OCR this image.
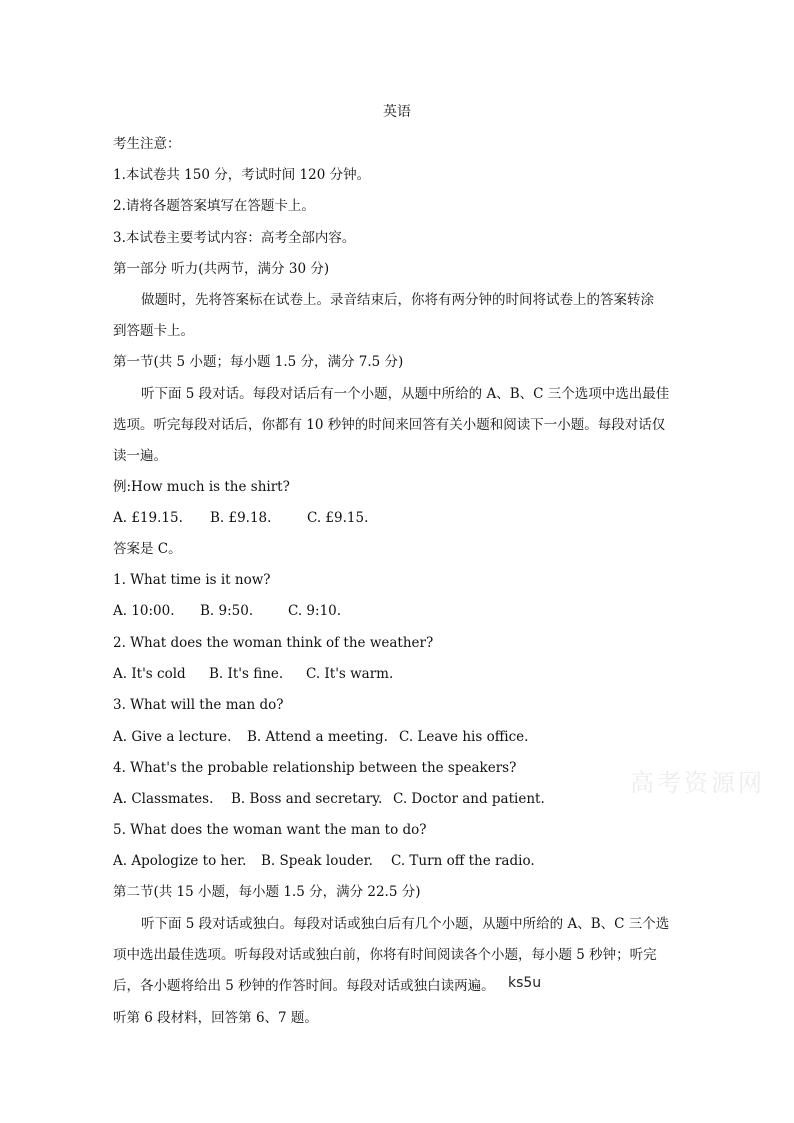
英语
考生注意：
1.本试卷共 150 分，考试时间 120 分钟。
2.请将各题答案填写在答题卡上。
3.本试卷主要考试内容：高考全部内容。
第一部分 听力(共两节，满分 30 分)
做题时，先将答案标在试卷上。录音结束后，你将有两分钟的时间将试卷上的答案转涂
到答题卡上。
第一节(共 5 小题；每小题 1.5 分，满分 7.5 分)
听下面 5 段对话。每段对话后有一个小题，从题中所给的 A、B、C 三个选项中选出最佳
选项。听完每段对话后，你都有 10 秒钟的时间来回答有关小题和阅读下一小题。每段对话仅
读一遍。
例:How much is the shirt?
A. £19.15. B. £9.18.	C. £9.15.
答案是 C。
1. What time is it now?
A. 10:00. B. 9:50.	C. 9:10.
2. What does the woman think of the weather?
A. It's cold B. It's fine. C. It's warm.
3. What will the man do?
A. Give a lecture. B. Attend a meeting. C. Leave his office.
4. What's the probable relationship between the speakers?
A. Classmates. B. Boss and secretary. C. Doctor and patient.
5. What does the woman want the man to do?
A. Apologize to her. B. Speak louder. C. Turn off the radio.
第二节(共 15 小题，每小题 1.5 分，满分 22.5 分)
听下面 5 段对话或独白。每段对话或独白后有几个小题，从题中所给的 A、B、C 三个选
项中选出最佳选项。听每段对话或独白前，你将有时间阅读各个小题，每小题 5 秒钟；听完
后，各小题将给出 5 秒钟的作答时间。每段对话或独白读两遍。 ks5u
听第 6 段材料，回答第 6、7 题。
高考资源网
